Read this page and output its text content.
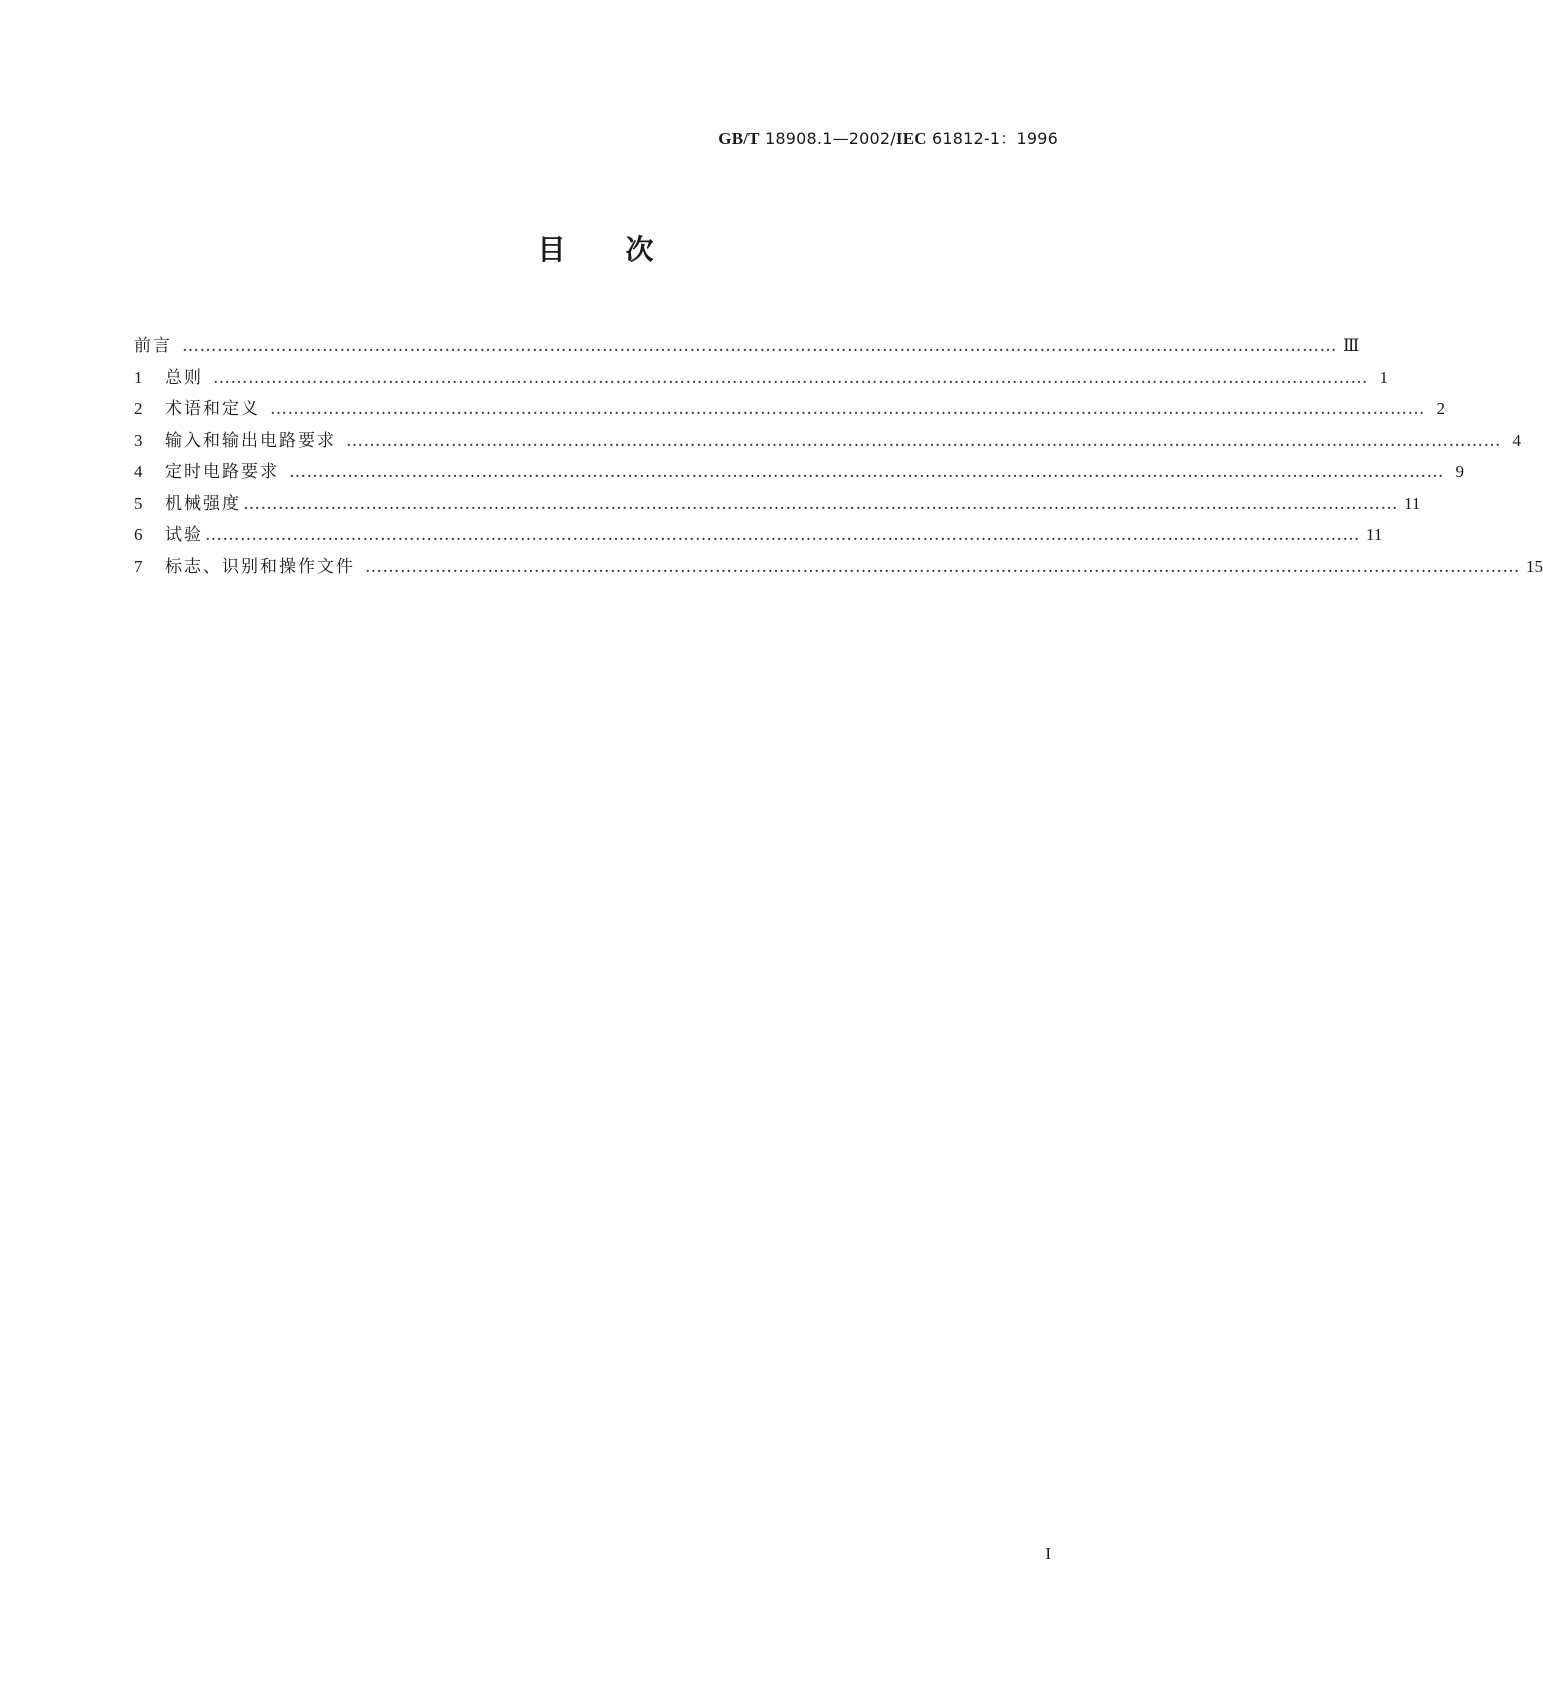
GB/T 18908.1—2002/IEC 61812-1：1996
目次
前言 ……………………………………………………………………………………………………………………………………………………………………………… Ⅲ
1	总则 ……………………………………………………………………………………………………………………………………………………………………………… 1
2	术语和定义 ……………………………………………………………………………………………………………………………………………………………………………… 2
3	输入和输出电路要求 ……………………………………………………………………………………………………………………………………………………………………………… 4
4	定时电路要求 ……………………………………………………………………………………………………………………………………………………………………………… 9
5	机械强度 ……………………………………………………………………………………………………………………………………………………………………………… 11
6	试验 ……………………………………………………………………………………………………………………………………………………………………………… 11
7	标志、识别和操作文件 ……………………………………………………………………………………………………………………………………………………………………………… 15
I
